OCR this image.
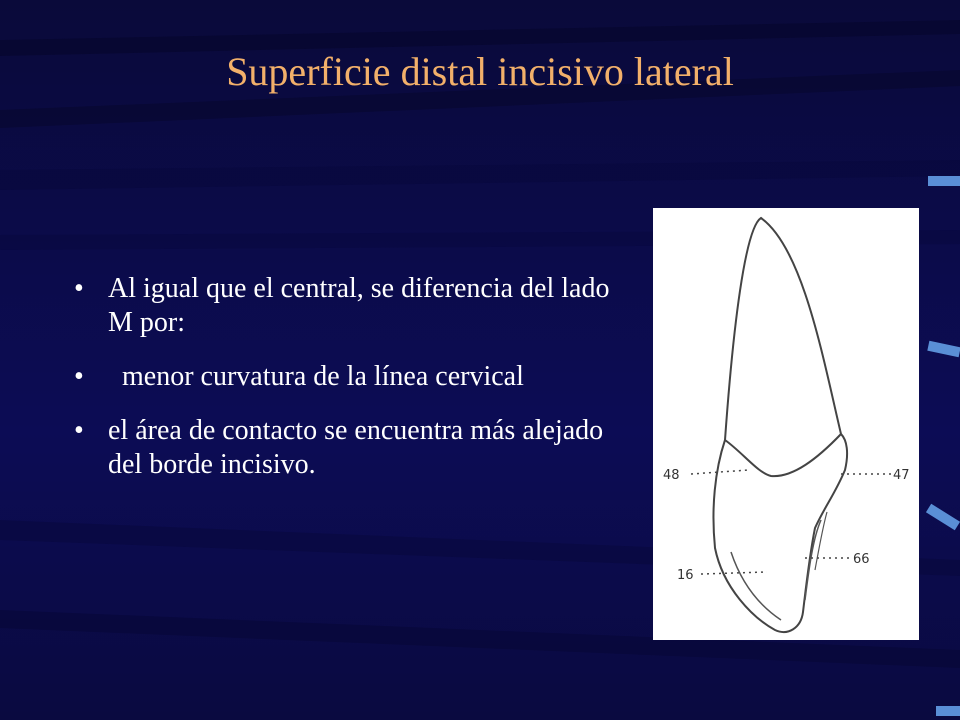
Superficie distal incisivo lateral
• Al igual que el central, se diferencia del lado M por:
• menor curvatura de la línea cervical
• el área de contacto se encuentra más alejado del borde incisivo.	48	47
66
16
